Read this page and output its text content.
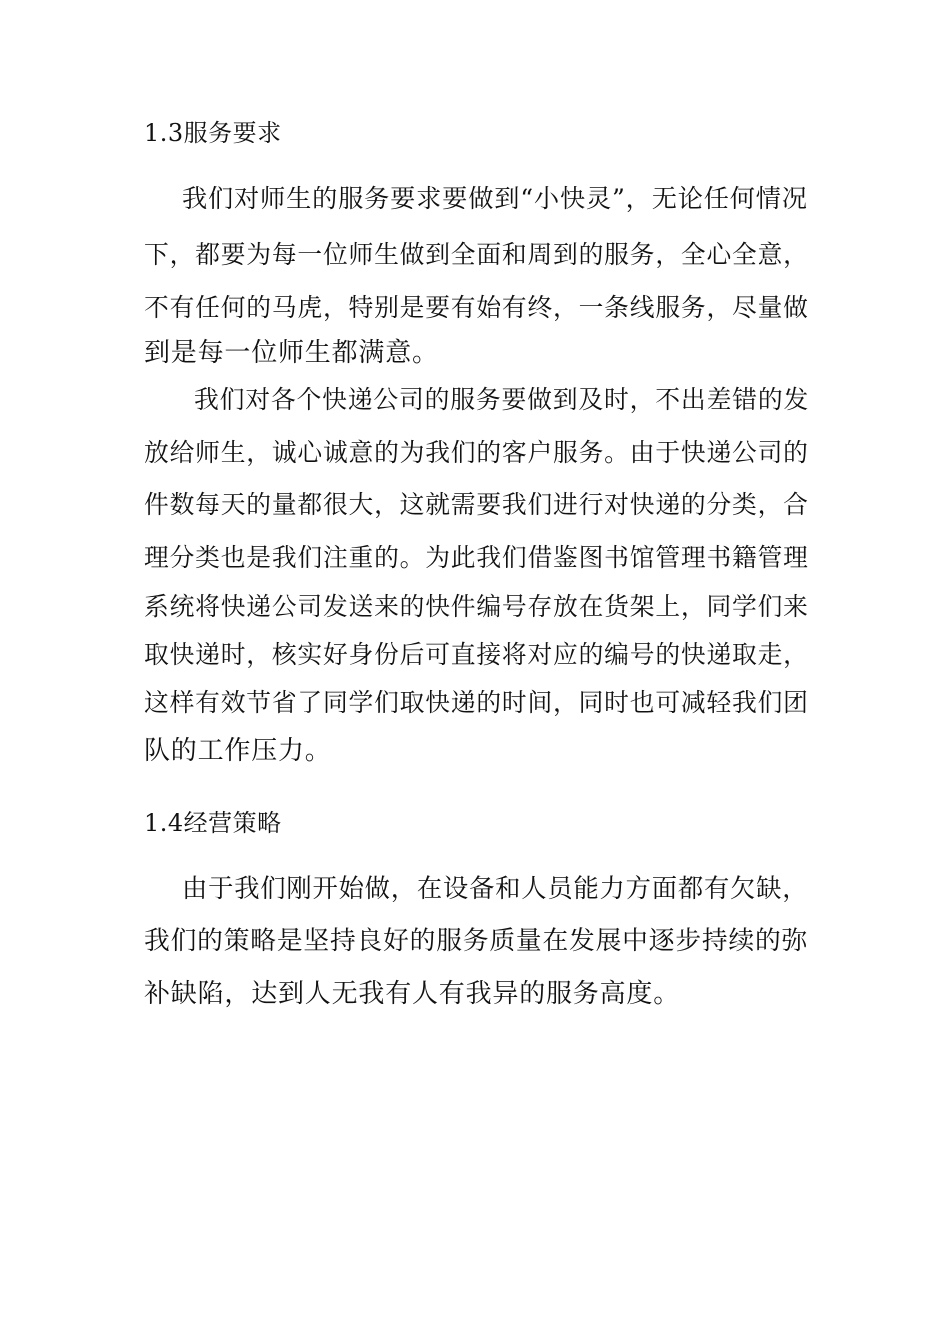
1.3服务要求
我们对师生的服务要求要做到“小快灵”，无论任何情况
下，都要为每一位师生做到全面和周到的服务，全心全意，
不有任何的马虎，特别是要有始有终，一条线服务，尽量做
到是每一位师生都满意。
我们对各个快递公司的服务要做到及时，不出差错的发
放给师生，诚心诚意的为我们的客户服务。由于快递公司的
件数每天的量都很大，这就需要我们进行对快递的分类，合
理分类也是我们注重的。为此我们借鉴图书馆管理书籍管理
系统将快递公司发送来的快件编号存放在货架上，同学们来
取快递时，核实好身份后可直接将对应的编号的快递取走，
这样有效节省了同学们取快递的时间，同时也可减轻我们团
队的工作压力。
1.4经营策略
由于我们刚开始做，在设备和人员能力方面都有欠缺，
我们的策略是坚持良好的服务质量在发展中逐步持续的弥
补缺陷，达到人无我有人有我异的服务高度。
